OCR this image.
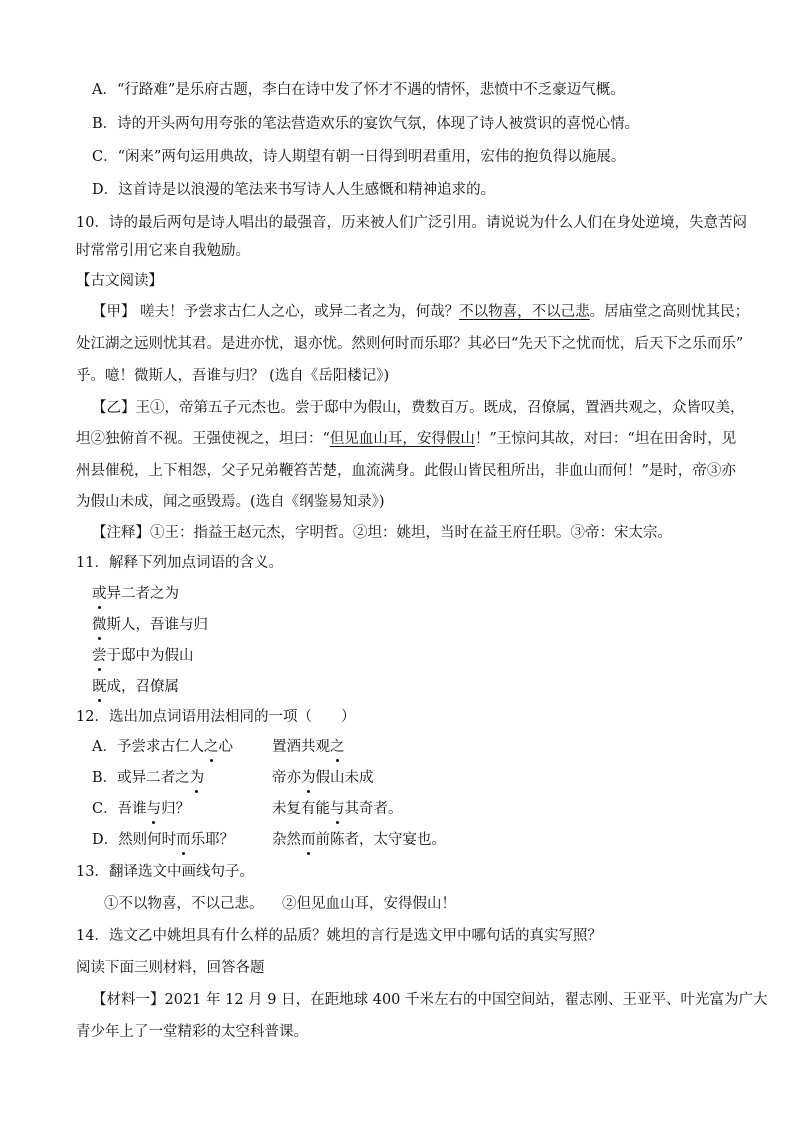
A．“行路难”是乐府古题，李白在诗中发了怀才不遇的情怀，悲愤中不乏豪迈气概。
B．诗的开头两句用夸张的笔法营造欢乐的宴饮气氛，体现了诗人被赏识的喜悦心情。
C．“闲来”两句运用典故，诗人期望有朝一日得到明君重用，宏伟的抱负得以施展。
D．这首诗是以浪漫的笔法来书写诗人人生感慨和精神追求的。
10．诗的最后两句是诗人唱出的最强音，历来被人们广泛引用。请说说为什么人们在身处逆境，失意苦闷
时常常引用它来自我勉励。
【古文阅读】
【甲】 嗟夫！予尝求古仁人之心，或异二者之为，何哉？不以物喜，不以己悲。居庙堂之高则忧其民；
处江湖之远则忧其君。是进亦忧，退亦忧。然则何时而乐耶？其必曰“先天下之忧而忧，后天下之乐而乐”
乎。噫！微斯人，吾谁与归？ (选自《岳阳楼记》)
【乙】王①，帝第五子元杰也。尝于邸中为假山，费数百万。既成，召僚属，置酒共观之，众皆叹美，
坦②独俯首不视。王强使视之，坦曰：“但见血山耳，安得假山！”王惊问其故，对曰：“坦在田舍时，见
州县催税，上下相怨，父子兄弟鞭笞苦楚，血流满身。此假山皆民租所出，非血山而何！”是时，帝③亦
为假山未成，闻之亟毁焉。(选自《纲鉴易知录》)
【注释】①王：指益王赵元杰，字明哲。②坦：姚坦，当时在益王府任职。③帝：宋太宗。
11．解释下列加点词语的含义。
或异二者之为
微斯人，吾谁与归
尝于邸中为假山
既成，召僚属
12．选出加点词语用法相同的一项（　　）
A．予尝求古仁人之心	置酒共观之
B．或异二者之为	帝亦为假山未成
C．吾谁与归？	未复有能与其奇者。
D．然则何时而乐耶？	杂然而前陈者，太守宴也。
13．翻译选文中画线句子。
①不以物喜，不以己悲。 ②但见血山耳，安得假山！
14．选文乙中姚坦具有什么样的品质？姚坦的言行是选文甲中哪句话的真实写照？
阅读下面三则材料，回答各题
【材料一】2021 年 12 月 9 日，在距地球 400 千米左右的中国空间站，翟志刚、王亚平、叶光富为广大
青少年上了一堂精彩的太空科普课。
